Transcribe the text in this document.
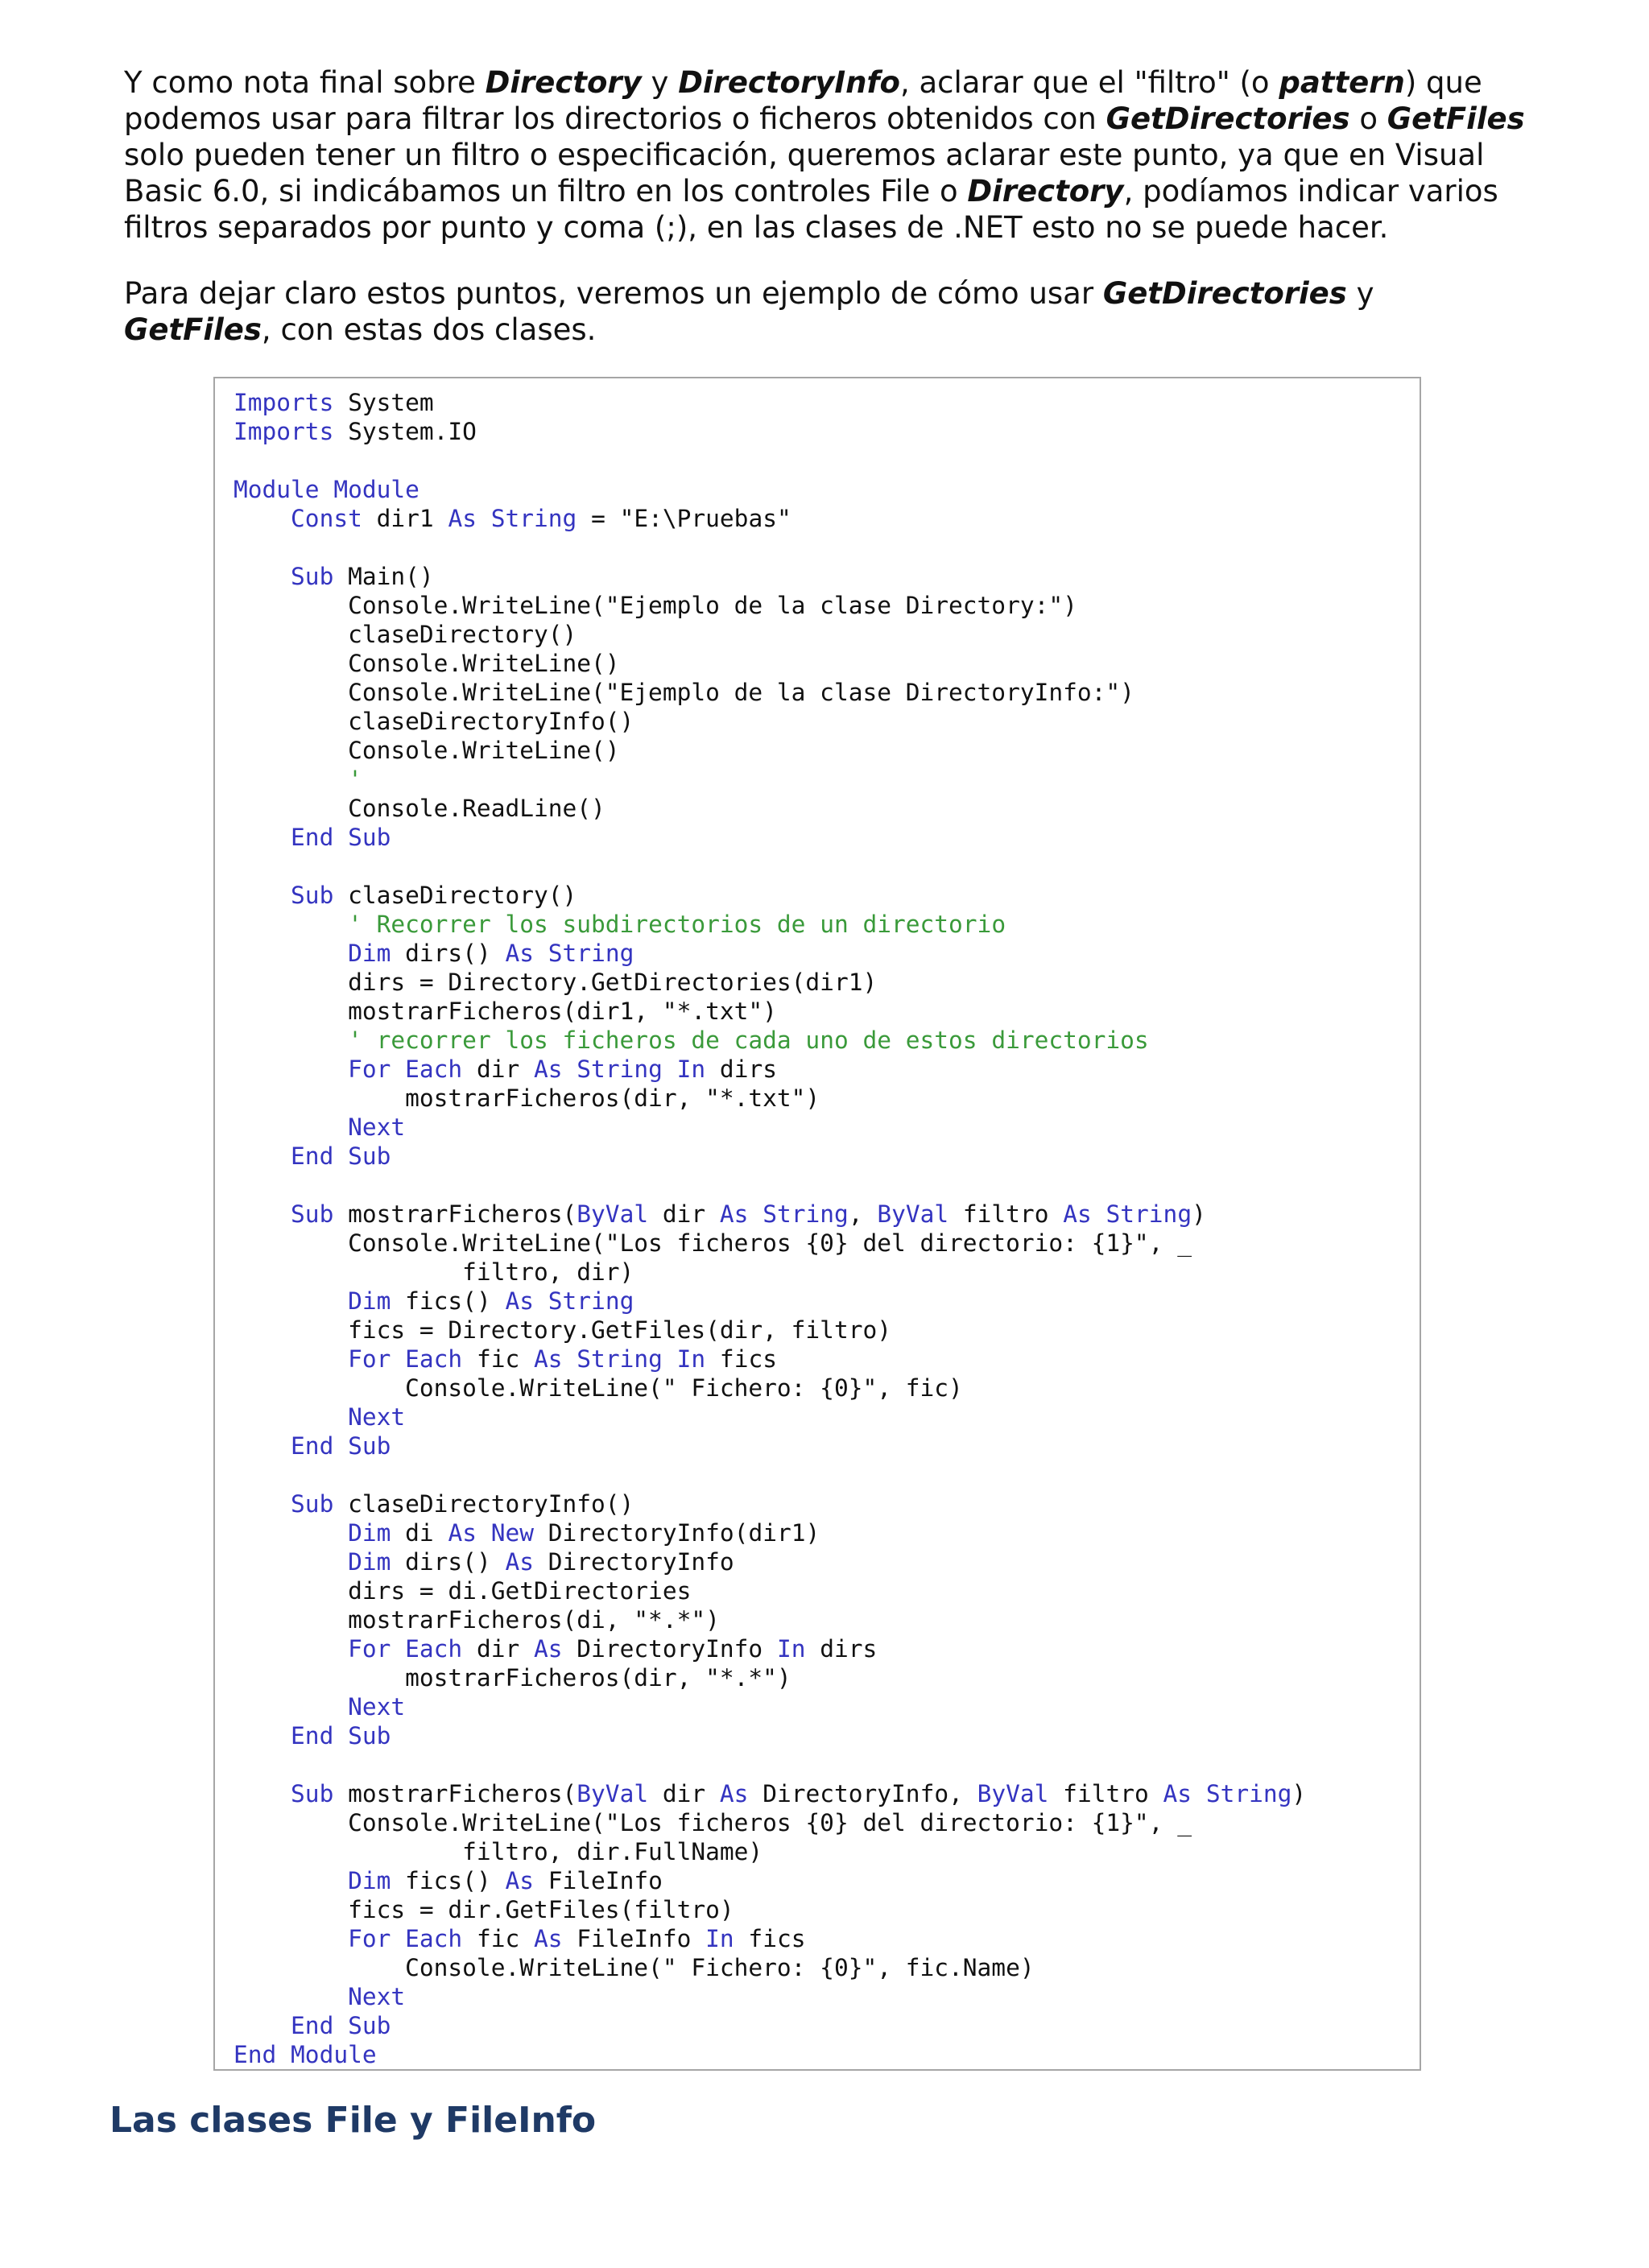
Y como nota final sobre Directory y DirectoryInfo, aclarar que el "filtro" (o pattern) que podemos usar para filtrar los directorios o ficheros obtenidos con GetDirectories o GetFiles solo pueden tener un filtro o especificación, queremos aclarar este punto, ya que en Visual Basic 6.0, si indicábamos un filtro en los controles File o Directory, podíamos indicar varios filtros separados por punto y coma (;), en las clases de .NET esto no se puede hacer.

Para dejar claro estos puntos, veremos un ejemplo de cómo usar GetDirectories y GetFiles, con estas dos clases.

Imports System
Imports System.IO

Module Module
Const dir1 As String = "E:\Pruebas"

Sub Main()
Console.WriteLine("Ejemplo de la clase Directory:")
claseDirectory()
Console.WriteLine()
Console.WriteLine("Ejemplo de la clase DirectoryInfo:")
claseDirectoryInfo()
Console.WriteLine()
'
Console.ReadLine()
End Sub

Sub claseDirectory()
' Recorrer los subdirectorios de un directorio
Dim dirs() As String
dirs = Directory.GetDirectories(dir1)
mostrarFicheros(dir1, "*.txt")
' recorrer los ficheros de cada uno de estos directorios
For Each dir As String In dirs
mostrarFicheros(dir, "*.txt")
Next
End Sub

Sub mostrarFicheros(ByVal dir As String, ByVal filtro As String)
Console.WriteLine("Los ficheros {0} del directorio: {1}", _
filtro, dir)
Dim fics() As String
fics = Directory.GetFiles(dir, filtro)
For Each fic As String In fics
Console.WriteLine(" Fichero: {0}", fic)
Next
End Sub

Sub claseDirectoryInfo()
Dim di As New DirectoryInfo(dir1)
Dim dirs() As DirectoryInfo
dirs = di.GetDirectories
mostrarFicheros(di, "*.*")
For Each dir As DirectoryInfo In dirs
mostrarFicheros(dir, "*.*")
Next
End Sub

Sub mostrarFicheros(ByVal dir As DirectoryInfo, ByVal filtro As String)
Console.WriteLine("Los ficheros {0} del directorio: {1}", _
filtro, dir.FullName)
Dim fics() As FileInfo
fics = dir.GetFiles(filtro)
For Each fic As FileInfo In fics
Console.WriteLine(" Fichero: {0}", fic.Name)
Next
End Sub
End Module

Las clases File y FileInfo
